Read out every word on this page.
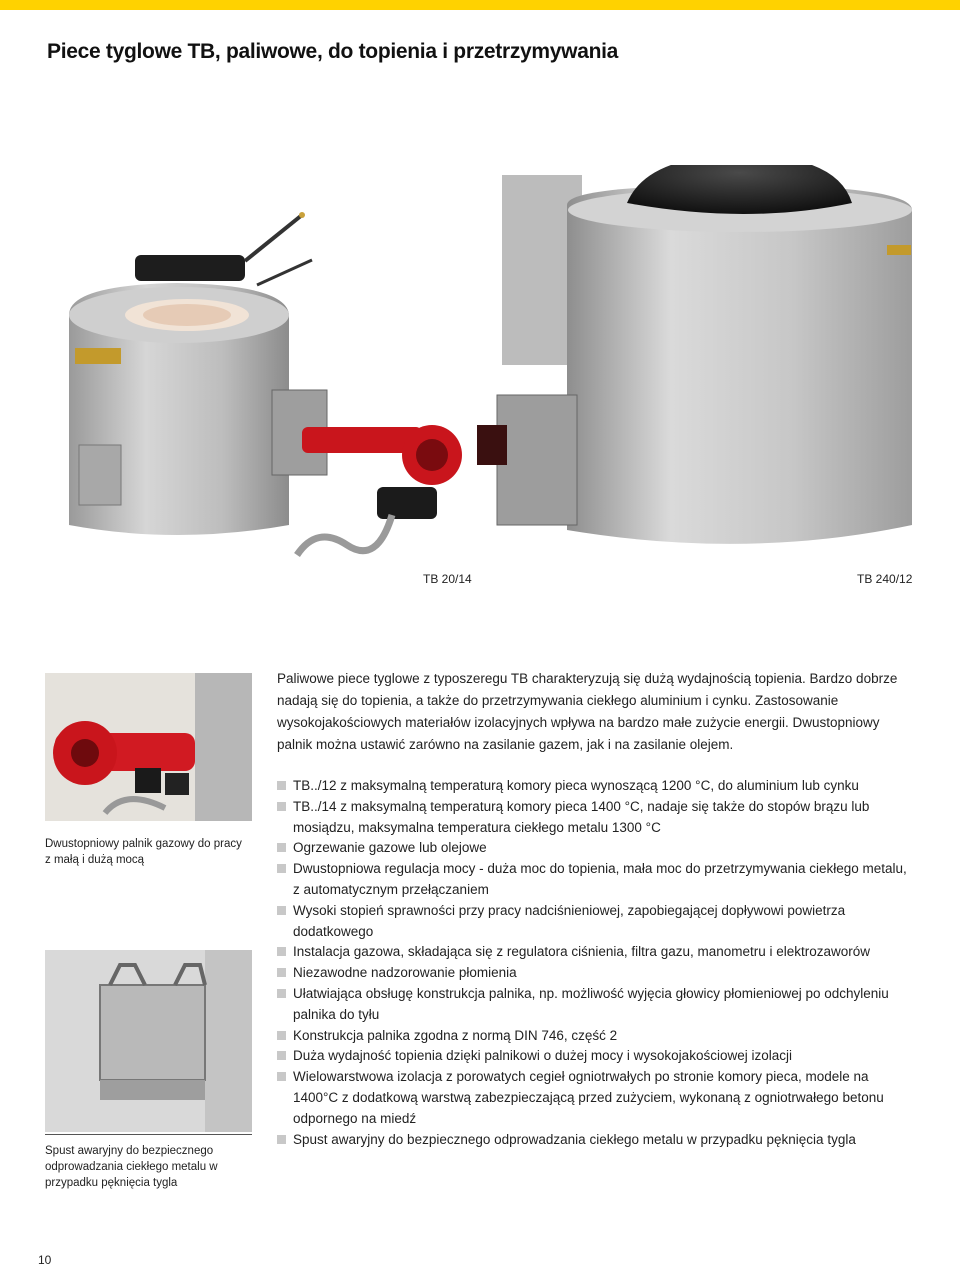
Piece tyglowe TB, paliwowe, do topienia i przetrzymywania
TB 20/14	TB 240/12
Dwustopniowy palnik gazowy do pracy z małą i dużą mocą
Spust awaryjny do bezpiecznego odprowadzania ciekłego metalu w przypadku pęknięcia tygla

Paliwowe piece tyglowe z typoszeregu TB charakteryzują się dużą wydajnością topienia. Bardzo dobrze nadają się do topienia, a także do przetrzymywania ciekłego aluminium i cynku. Zastosowanie wysokojakościowych materiałów izolacyjnych wpływa na bardzo małe zużycie energii. Dwustopniowy palnik można ustawić zarówno na zasilanie gazem, jak i na zasilanie olejem.

TB../12 z maksymalną temperaturą komory pieca wynoszącą 1200 °C, do aluminium lub cynku
TB../14 z maksymalną temperaturą komory pieca 1400 °C, nadaje się także do stopów brązu lub mosiądzu, maksymalna temperatura ciekłego metalu 1300 °C
Ogrzewanie gazowe lub olejowe
Dwustopniowa regulacja mocy - duża moc do topienia, mała moc do przetrzymywania ciekłego metalu, z automatycznym przełączaniem
Wysoki stopień sprawności przy pracy nadciśnieniowej, zapobiegającej dopływowi powietrza dodatkowego
Instalacja gazowa, składająca się z regulatora ciśnienia, filtra gazu, manometru i elektrozaworów
Niezawodne nadzorowanie płomienia
Ułatwiająca obsługę konstrukcja palnika, np. możliwość wyjęcia głowicy płomieniowej po odchyleniu palnika do tyłu
Konstrukcja palnika zgodna z normą DIN 746, część 2
Duża wydajność topienia dzięki palnikowi o dużej mocy i wysokojakościowej izolacji
Wielowarstwowa izolacja z porowatych cegieł ogniotrwałych po stronie komory pieca, modele na 1400°C z dodatkową warstwą zabezpieczającą przed zużyciem, wykonaną z ogniotrwałego betonu odpornego na miedź
Spust awaryjny do bezpiecznego odprowadzania ciekłego metalu w przypadku pęknięcia tygla
10
